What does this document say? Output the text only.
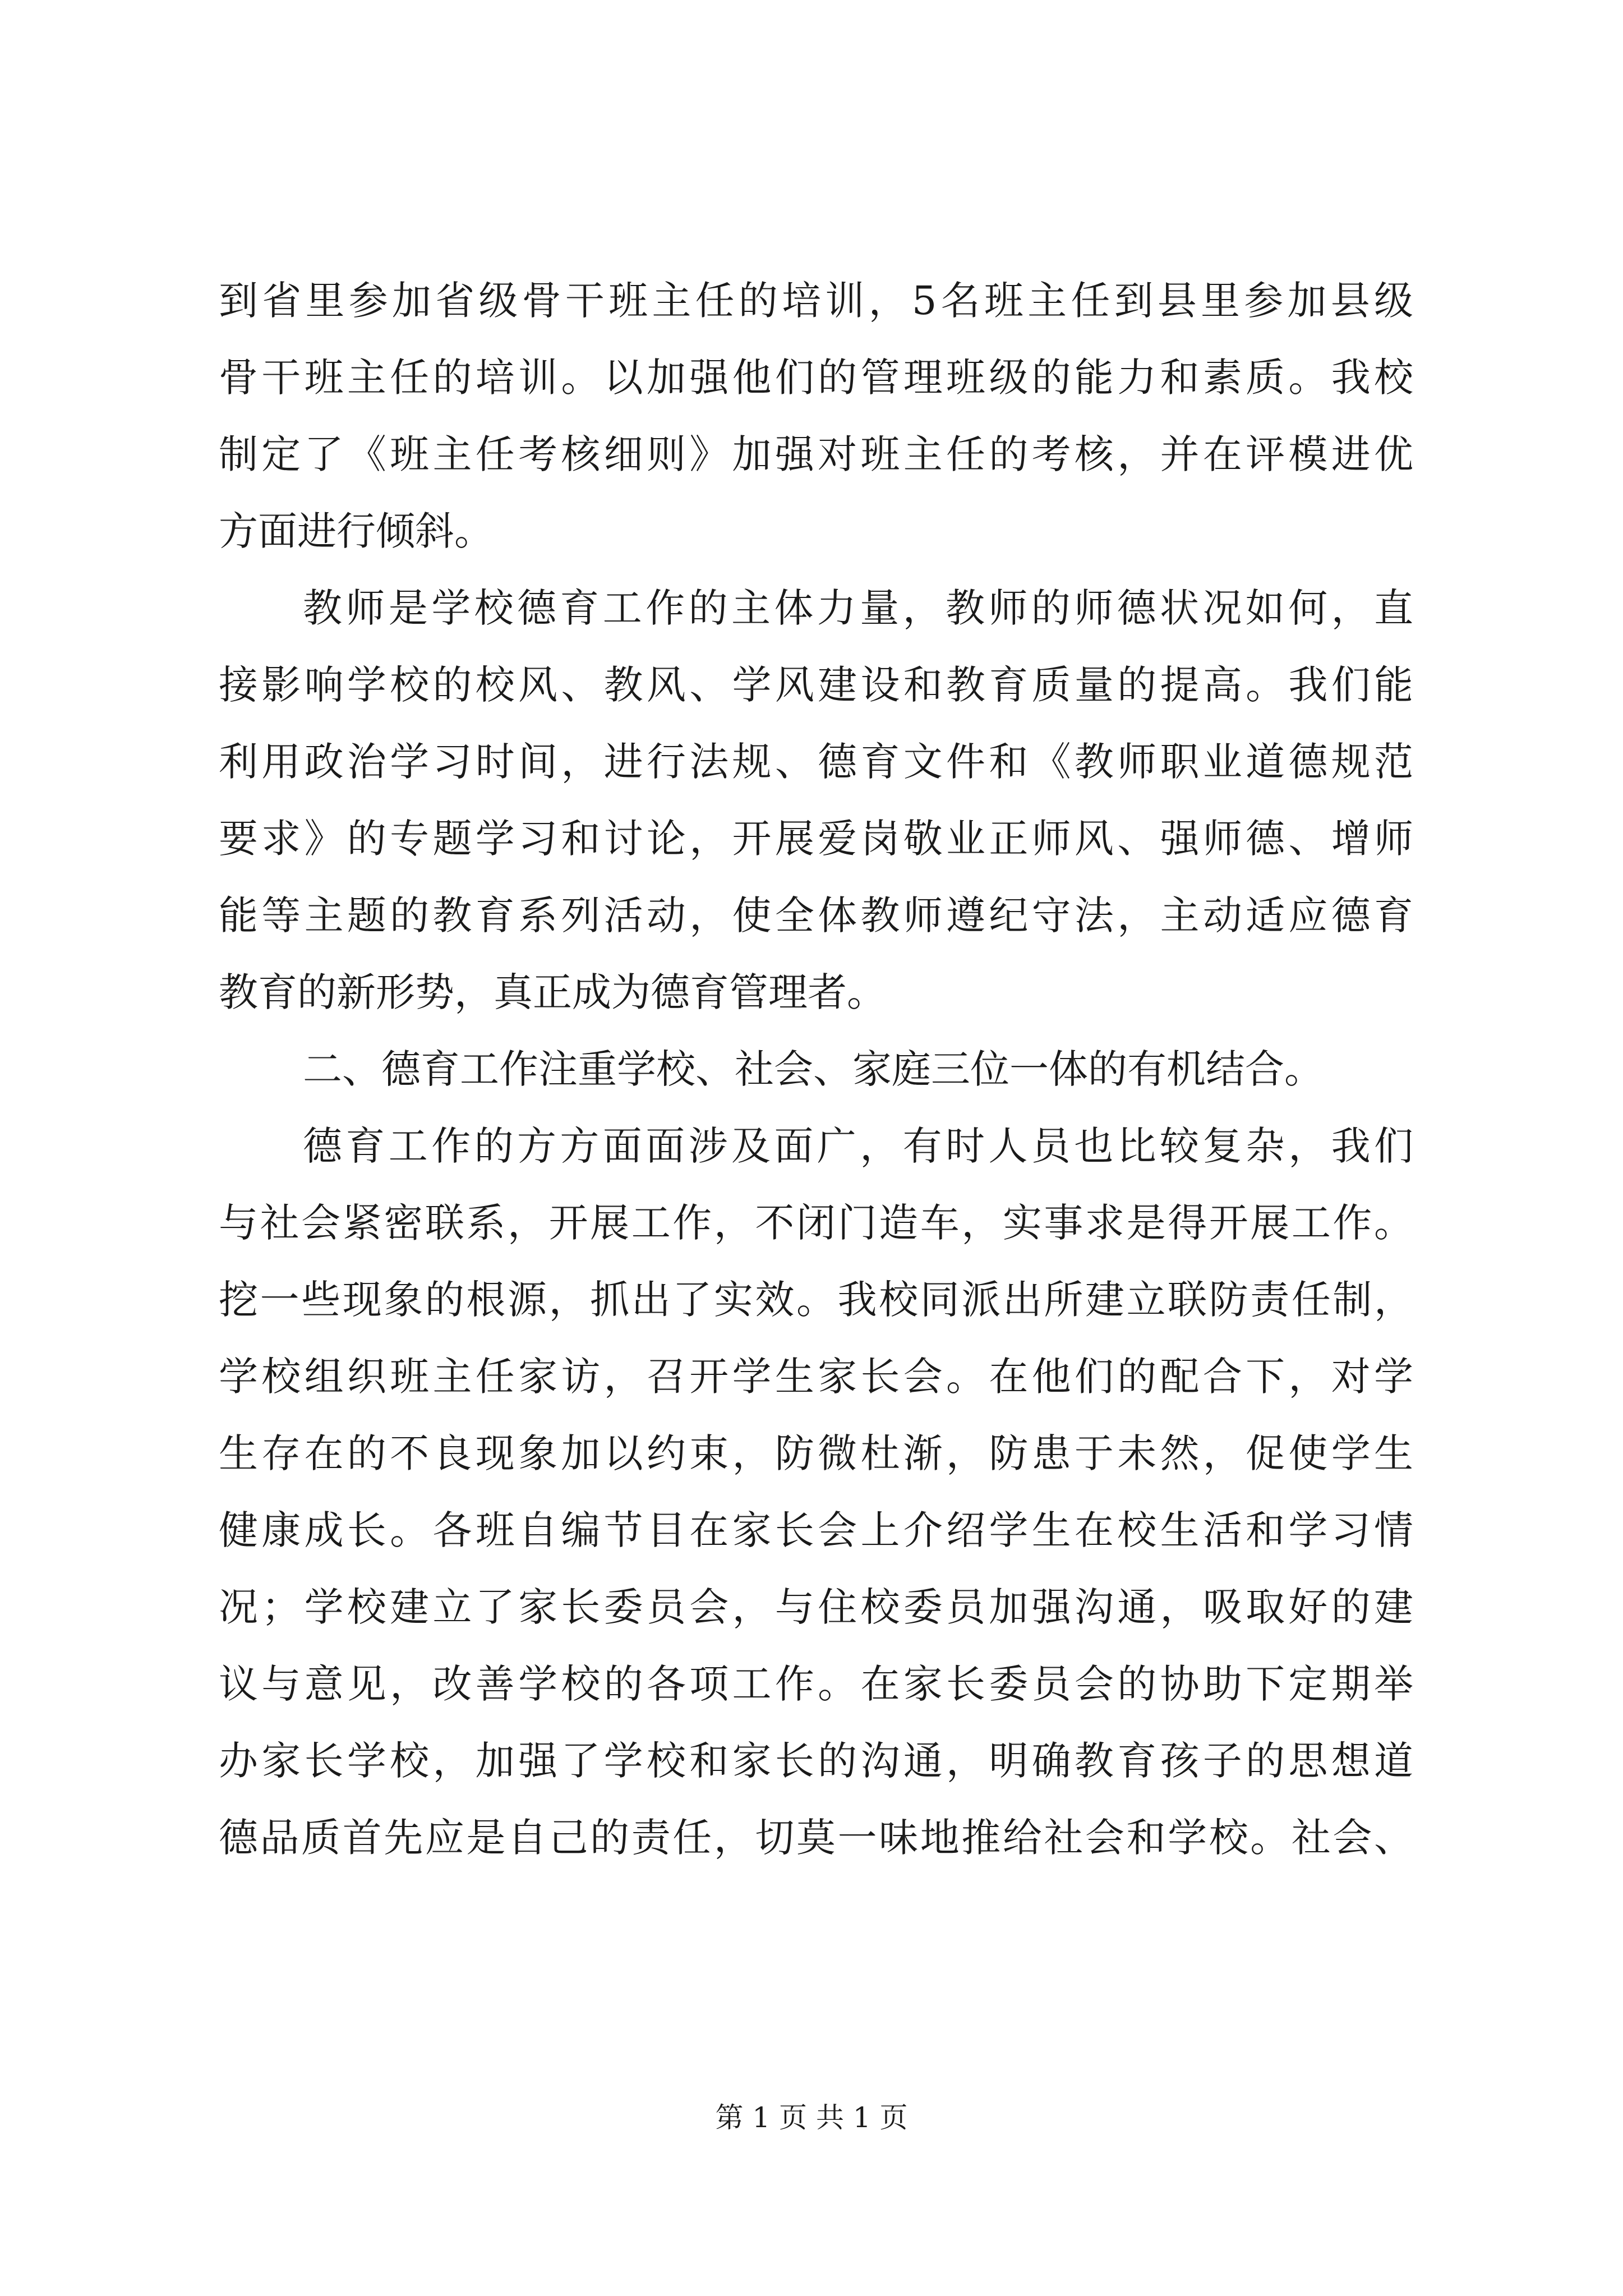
到省里参加省级骨干班主任的培训，5名班主任到县里参加县级
骨干班主任的培训。以加强他们的管理班级的能力和素质。我校
制定了《班主任考核细则》加强对班主任的考核，并在评模进优
方面进行倾斜。
教师是学校德育工作的主体力量，教师的师德状况如何，直
接影响学校的校风、教风、学风建设和教育质量的提高。我们能
利用政治学习时间，进行法规、德育文件和《教师职业道德规范
要求》的专题学习和讨论，开展爱岗敬业正师风、强师德、增师
能等主题的教育系列活动，使全体教师遵纪守法，主动适应德育
教育的新形势，真正成为德育管理者。
二、德育工作注重学校、社会、家庭三位一体的有机结合。
德育工作的方方面面涉及面广，有时人员也比较复杂，我们
与社会紧密联系，开展工作，不闭门造车，实事求是得开展工作。
挖一些现象的根源，抓出了实效。我校同派出所建立联防责任制，
学校组织班主任家访，召开学生家长会。在他们的配合下，对学
生存在的不良现象加以约束，防微杜渐，防患于未然，促使学生
健康成长。各班自编节目在家长会上介绍学生在校生活和学习情
况；学校建立了家长委员会，与住校委员加强沟通，吸取好的建
议与意见，改善学校的各项工作。在家长委员会的协助下定期举
办家长学校，加强了学校和家长的沟通，明确教育孩子的思想道
德品质首先应是自己的责任，切莫一味地推给社会和学校。社会、
第 1 页 共 1 页
